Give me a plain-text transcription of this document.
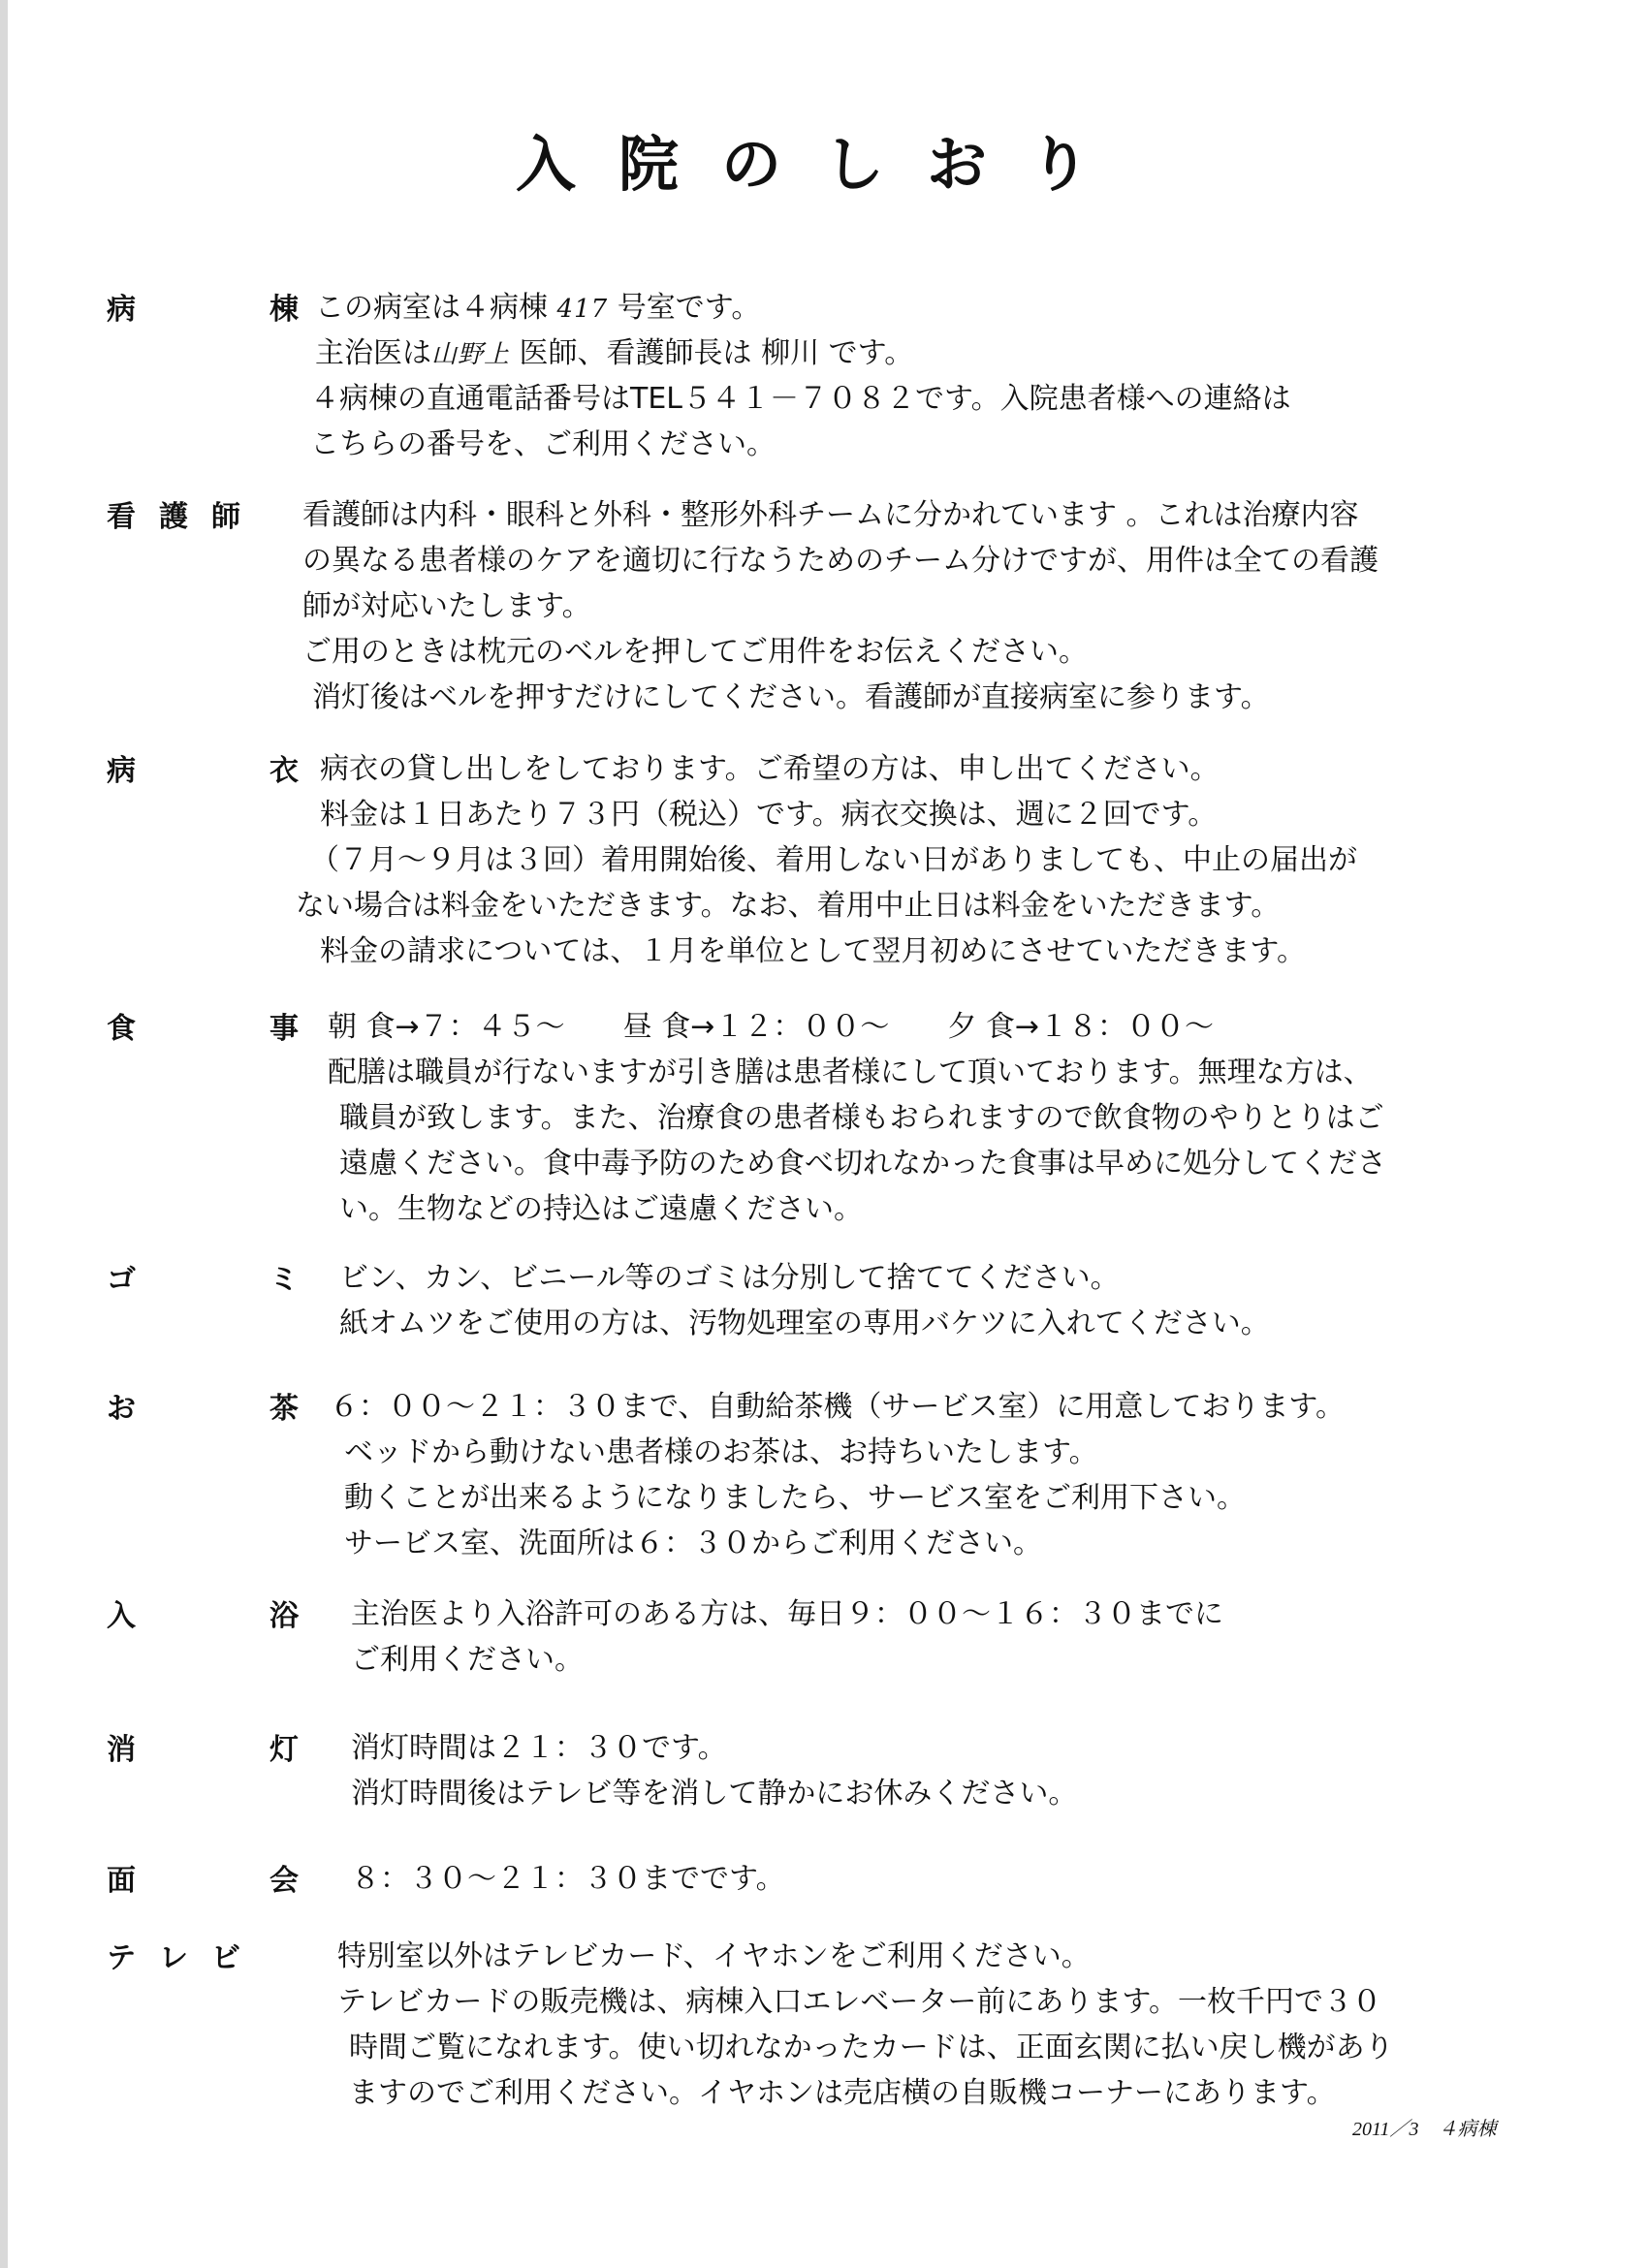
入院のしおり
病	棟 この病室は４病棟 417 号室です。
主治医は山野上 医師、看護師長は 柳川 です。
４病棟の直通電話番号はTEL５４１－７０８２です。入院患者様への連絡は
こちらの番号を、ご利用ください。
看 護 師 看護師は内科・眼科と外科・整形外科チームに分かれています 。これは治療内容
の異なる患者様のケアを適切に行なうためのチーム分けですが、用件は全ての看護
師が対応いたします。
ご用のときは枕元のベルを押してご用件をお伝えください。
消灯後はベルを押すだけにしてください。看護師が直接病室に参ります。
病	衣 病衣の貸し出しをしております。ご希望の方は、申し出てください。
料金は１日あたり７３円（税込）です。病衣交換は、週に２回です。
（７月～９月は３回）着用開始後、着用しない日がありましても、中止の届出が
ない場合は料金をいただきます。なお、着用中止日は料金をいただきます。
料金の請求については、１月を単位として翌月初めにさせていただきます。
食	事 朝 食→７：４５～　　昼 食→１２：００～　　夕 食→１８：００～
配膳は職員が行ないますが引き膳は患者様にして頂いております。無理な方は、
職員が致します。また、治療食の患者様もおられますので飲食物のやりとりはご
遠慮ください。食中毒予防のため食べ切れなかった食事は早めに処分してくださ
い。生物などの持込はご遠慮ください。
ゴ	ミ ビン、カン、ビニール等のゴミは分別して捨ててください。
紙オムツをご使用の方は、汚物処理室の専用バケツに入れてください。
お	茶 ６：００～２１：３０まで、自動給茶機（サービス室）に用意しております。
ベッドから動けない患者様のお茶は、お持ちいたします。
動くことが出来るようになりましたら、サービス室をご利用下さい。
サービス室、洗面所は６：３０からご利用ください。
入	浴 主治医より入浴許可のある方は、毎日９：００～１６：３０までに
ご利用ください。
消	灯 消灯時間は２１：３０です。
消灯時間後はテレビ等を消して静かにお休みください。
面	会 ８：３０～２１：３０までです。
テ レ ビ	特別室以外はテレビカード、イヤホンをご利用ください。
テレビカードの販売機は、病棟入口エレベーター前にあります。一枚千円で３０
時間ご覧になれます。使い切れなかったカードは、正面玄関に払い戻し機があり
ますのでご利用ください。イヤホンは売店横の自販機コーナーにあります。
2011／3　４病棟
